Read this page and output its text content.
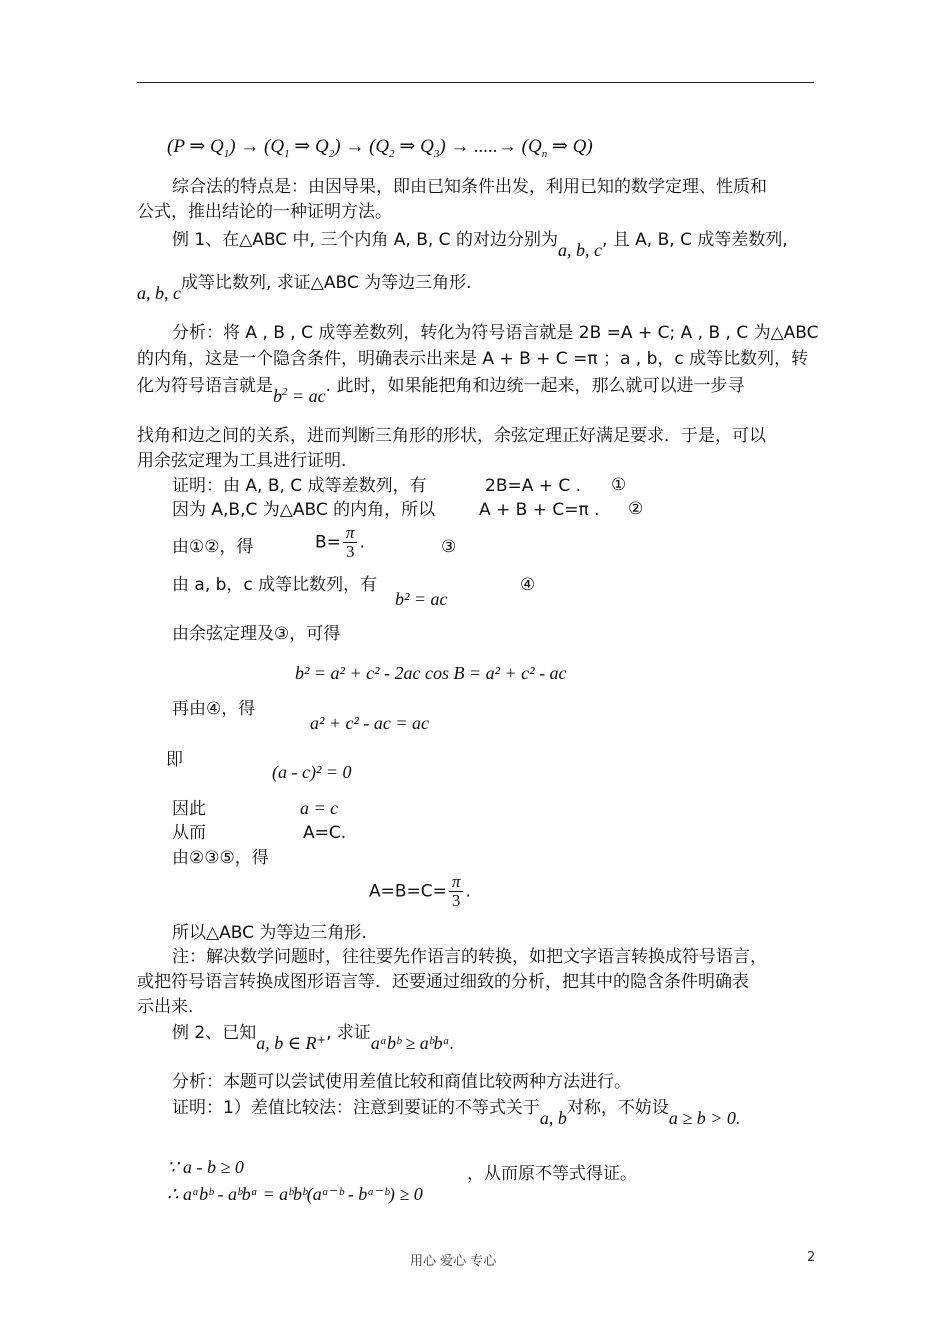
(P ⇒ $Q_1) \to (Q_1$ ⇒ $Q_2) \to (Q_2$ ⇒ $Q_3$) → .....→ ($Q_n$ ⇒ Q)
综合法的特点是：由因导果，即由已知条件出发，利用已知的数学定理、性质和
公式，推出结论的一种证明方法。
例 1、在△ABC 中, 三个内角 A, B, C 的对边分别为a, b, c, 且 A, B, C 成等差数列,
a, b, c成等比数列, 求证△ABC 为等边三角形.
分析：将 A , B , C 成等差数列，转化为符号语言就是 2B =A + C; A , B , C 为△ABC
的内角，这是一个隐含条件，明确表示出来是 A + B + C =π ；a , b，c 成等比数列，转
化为符号语言就是$b^2$ = ac. 此时，如果能把角和边统一起来，那么就可以进一步寻
找角和边之间的关系，进而判断三角形的形状，余弦定理正好满足要求．于是，可以
用余弦定理为工具进行证明.
证明：由 A, B, C 成等差数列，有	2B=A + C . ①
因为 A,B,C 为△ABC 的内角，所以	A + B + C=π . ②
由①②，得	$B= \frac{\pi}{3}$ .	③
由 a, b，c 成等比数列，有
b² = ac
④
由余弦定理及③，可得
b² = a² + c² - 2ac cos B = a² + c² - ac
再由④，得
a² + c² - ac = ac
即
(a - c)² = 0
因此	a = c
从而	A=C.
由②③⑤，得
$A=B=C= \frac{\pi}{3}$ .
所以△ABC 为等边三角形.
注：解决数学问题时，往往要先作语言的转换，如把文字语言转换成符号语言，
或把符号语言转换成图形语言等．还要通过细致的分析，把其中的隐含条件明确表
示出来.
例 2、已知a, b ∈ R⁺, 求证aᵃbᵇ ≥ aᵇbᵃ.
分析：本题可以尝试使用差值比较和商值比较两种方法进行。
证明：1）差值比较法：注意到要证的不等式关于a, b对称，不妨设a ≥ b > 0.
∵ a - b ≥ 0	，从而原不等式得证。
∴ aᵃbᵇ - aᵇbᵃ = aᵇbᵇ(aᵃ⁻ᵇ - bᵃ⁻ᵇ) ≥ 0
用心 爱心 专心	2
